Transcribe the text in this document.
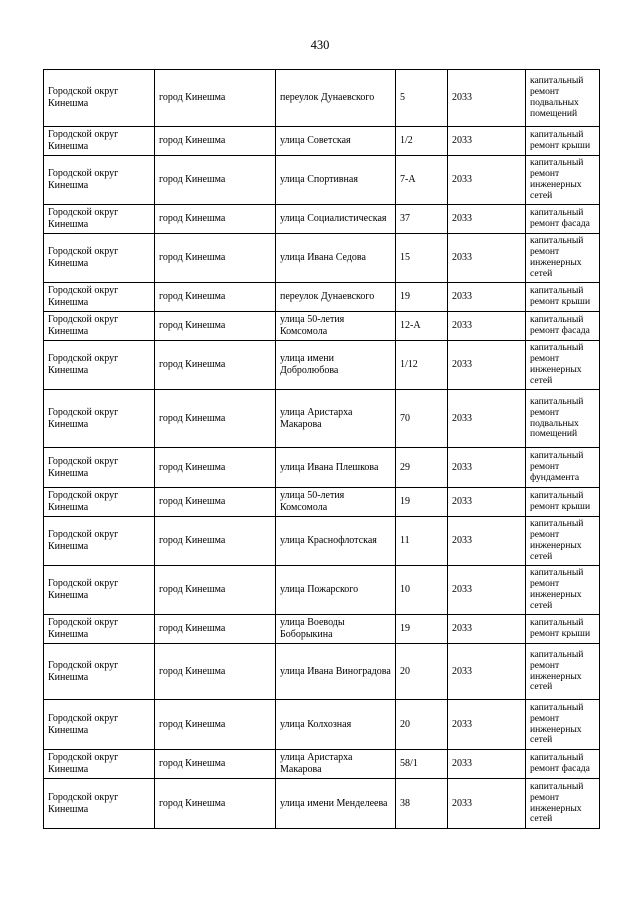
430
Городской округ Кинешма	город Кинешма	переулок Дунаевского	5	2033	капитальный ремонт подвальных помещений
Городской округ Кинешма	город Кинешма	улица Советская	1/2	2033	капитальный ремонт крыши
Городской округ Кинешма	город Кинешма	улица Спортивная	7-А	2033	капитальный ремонт инженерных сетей
Городской округ Кинешма	город Кинешма	улица Социалистическая	37	2033	капитальный ремонт фасада
Городской округ Кинешма	город Кинешма	улица Ивана Седова	15	2033	капитальный ремонт инженерных сетей
Городской округ Кинешма	город Кинешма	переулок Дунаевского	19	2033	капитальный ремонт крыши
Городской округ Кинешма	город Кинешма	улица 50-летия Комсомола	12-А	2033	капитальный ремонт фасада
Городской округ Кинешма	город Кинешма	улица имени Добролюбова	1/12	2033	капитальный ремонт инженерных сетей
Городской округ Кинешма	город Кинешма	улица Аристарха Макарова	70	2033	капитальный ремонт подвальных помещений
Городской округ Кинешма	город Кинешма	улица Ивана Плешкова	29	2033	капитальный ремонт фундамента
Городской округ Кинешма	город Кинешма	улица 50-летия Комсомола	19	2033	капитальный ремонт крыши
Городской округ Кинешма	город Кинешма	улица Краснофлотская	11	2033	капитальный ремонт инженерных сетей
Городской округ Кинешма	город Кинешма	улица Пожарского	10	2033	капитальный ремонт инженерных сетей
Городской округ Кинешма	город Кинешма	улица Воеводы Боборыкина	19	2033	капитальный ремонт крыши
Городской округ Кинешма	город Кинешма	улица Ивана Виноградова	20	2033	капитальный ремонт инженерных сетей
Городской округ Кинешма	город Кинешма	улица Колхозная	20	2033	капитальный ремонт инженерных сетей
Городской округ Кинешма	город Кинешма	улица Аристарха Макарова	58/1	2033	капитальный ремонт фасада
Городской округ Кинешма	город Кинешма	улица имени Менделеева	38	2033	капитальный ремонт инженерных сетей
